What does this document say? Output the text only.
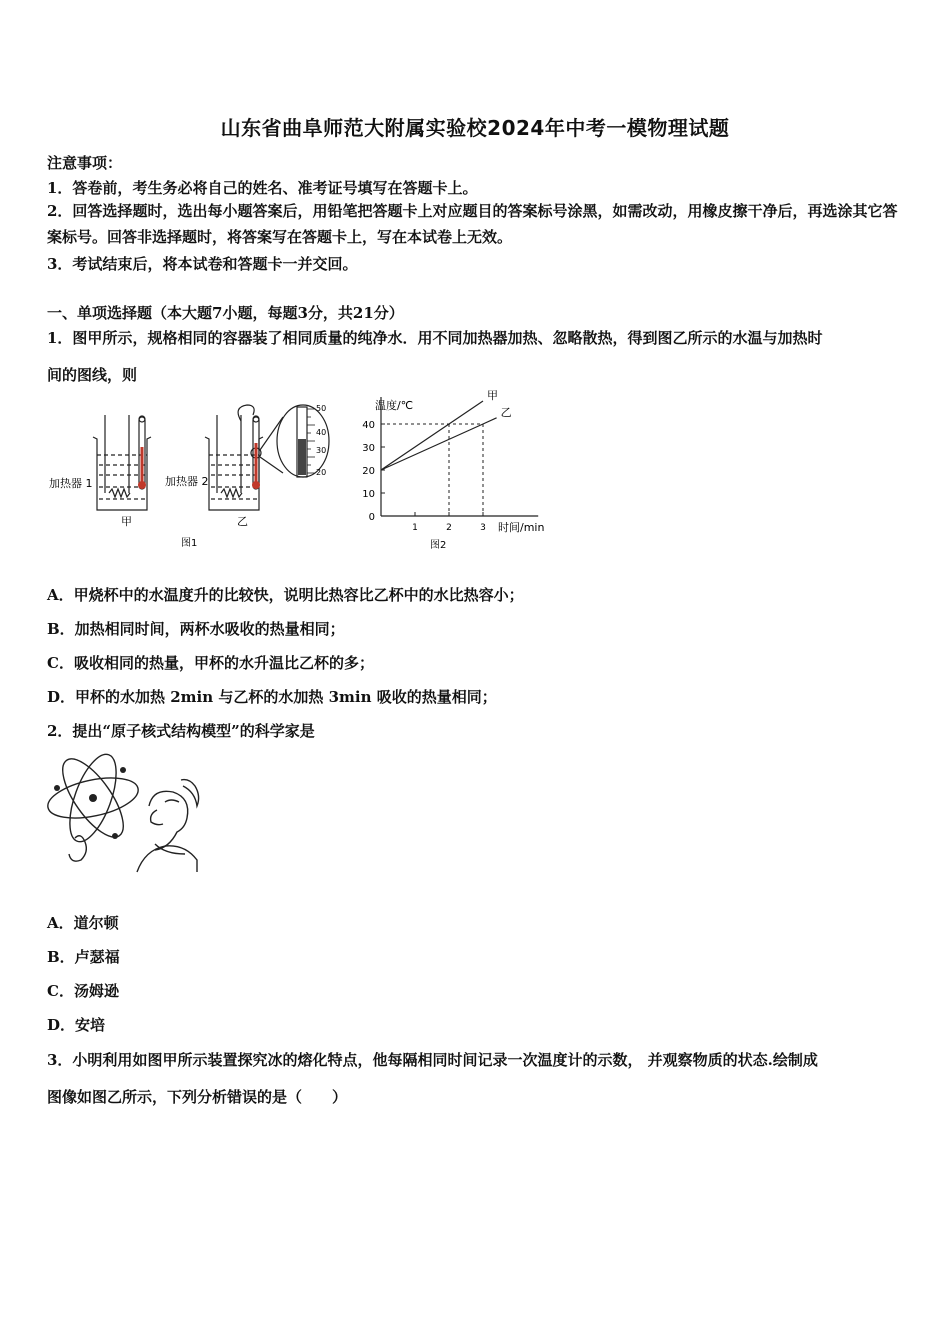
山东省曲阜师范大附属实验校2024年中考一模物理试题
注意事项：
1．答卷前，考生务必将自己的姓名、准考证号填写在答题卡上。
2．回答选择题时，选出每小题答案后，用铅笔把答题卡上对应题目的答案标号涂黑，如需改动，用橡皮擦干净后，再选涂其它答案标号。回答非选择题时，将答案写在答题卡上，写在本试卷上无效。
3．考试结束后，将本试卷和答题卡一并交回。
一、单项选择题（本大题7小题，每题3分，共21分）
1．图甲所示，规格相同的容器装了相同质量的纯净水．用不同加热器加热、忽略散热，得到图乙所示的水温与加热时
间的图线，则
50
40
30
20
加热器 1	加热器 2
甲	乙
图1
0
10
20
30
40
1	2	3
甲
乙
温度/℃
时间/min
图2
A．甲烧杯中的水温度升的比较快，说明比热容比乙杯中的水比热容小；
B．加热相同时间，两杯水吸收的热量相同；
C．吸收相同的热量，甲杯的水升温比乙杯的多；
D．甲杯的水加热 2min 与乙杯的水加热 3min 吸收的热量相同；
2．提出“原子核式结构模型”的科学家是
A．道尔顿
B．卢瑟福
C．汤姆逊
D．安培
3．小明利用如图甲所示装置探究冰的熔化特点，他每隔相同时间记录一次温度计的示数， 并观察物质的状态.绘制成
图像如图乙所示，下列分析错误的是（　　）
